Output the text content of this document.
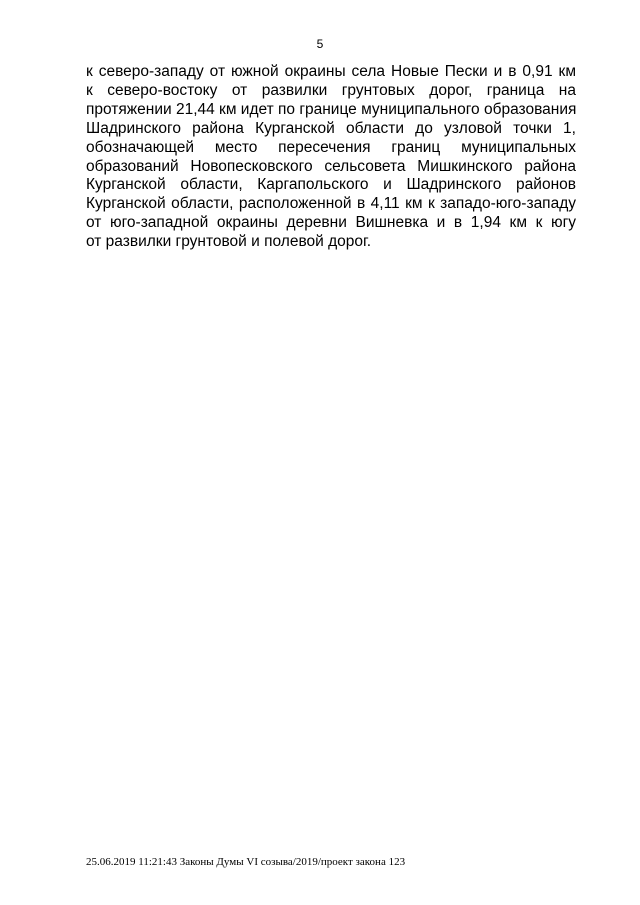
5
к северо-западу от южной окраины села Новые Пески и в 0,91 км
к северо-востоку от развилки грунтовых дорог, граница на
протяжении 21,44 км идет по границе муниципального образования
Шадринского района Курганской области до узловой точки 1,
обозначающей место пересечения границ муниципальных
образований Новопесковского сельсовета Мишкинского района
Курганской области, Каргапольского и Шадринского районов
Курганской области, расположенной в 4,11 км к западо-юго-западу
от юго-западной окраины деревни Вишневка и в 1,94 км к югу
от развилки грунтовой и полевой дорог.
25.06.2019 11:21:43 Законы Думы VI созыва/2019/проект закона 123
